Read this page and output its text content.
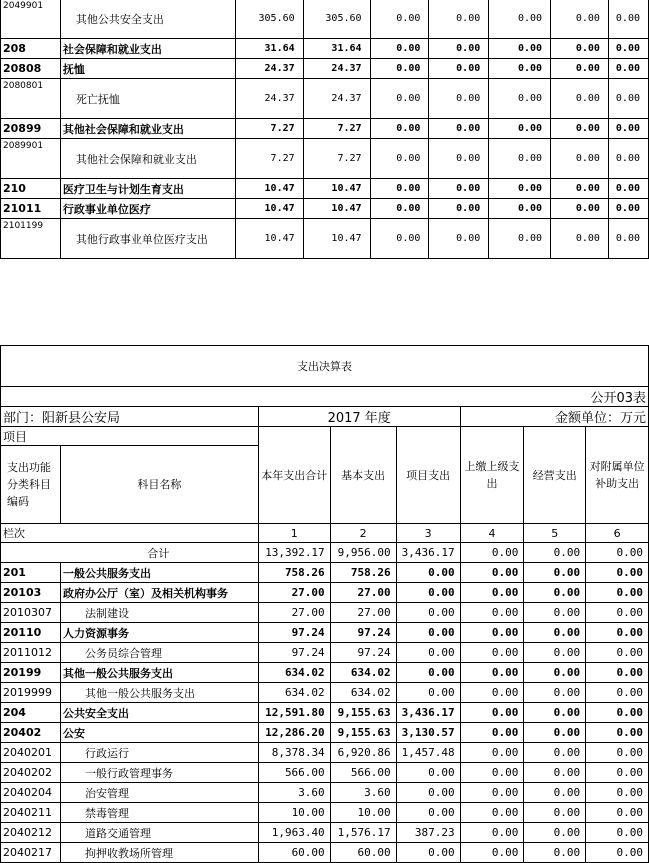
2049901	其他公共安全支出	305.60	305.60	0.00	0.00	0.00	0.00	0.00
208	社会保障和就业支出	31.64	31.64	0.00	0.00	0.00	0.00	0.00
20808	抚恤	24.37	24.37	0.00	0.00	0.00	0.00	0.00
2080801	死亡抚恤	24.37	24.37	0.00	0.00	0.00	0.00	0.00
20899	其他社会保障和就业支出	7.27	7.27	0.00	0.00	0.00	0.00	0.00
2089901	其他社会保障和就业支出	7.27	7.27	0.00	0.00	0.00	0.00	0.00
210	医疗卫生与计划生育支出	10.47	10.47	0.00	0.00	0.00	0.00	0.00
21011	行政事业单位医疗	10.47	10.47	0.00	0.00	0.00	0.00	0.00
2101199	其他行政事业单位医疗支出	10.47	10.47	0.00	0.00	0.00	0.00	0.00
支出决算表							
					公开03表		
部门：阳新县公安局		2017 年度			金额单位：万元		
项目		本年支出合计	基本支出	项目支出	上缴上级支出	经营支出	对附属单位补助支出
支出功能分类科目编码	科目名称						
栏次		1	2	3	4	5	6
合计		13,392.17	9,956.00	3,436.17	0.00	0.00	0.00
201	一般公共服务支出	758.26	758.26	0.00	0.00	0.00	0.00
20103	政府办公厅（室）及相关机构事务	27.00	27.00	0.00	0.00	0.00	0.00
2010307	法制建设	27.00	27.00	0.00	0.00	0.00	0.00
20110	人力资源事务	97.24	97.24	0.00	0.00	0.00	0.00
2011012	公务员综合管理	97.24	97.24	0.00	0.00	0.00	0.00
20199	其他一般公共服务支出	634.02	634.02	0.00	0.00	0.00	0.00
2019999	其他一般公共服务支出	634.02	634.02	0.00	0.00	0.00	0.00
204	公共安全支出	12,591.80	9,155.63	3,436.17	0.00	0.00	0.00
20402	公安	12,286.20	9,155.63	3,130.57	0.00	0.00	0.00
2040201	行政运行	8,378.34	6,920.86	1,457.48	0.00	0.00	0.00
2040202	一般行政管理事务	566.00	566.00	0.00	0.00	0.00	0.00
2040204	治安管理	3.60	3.60	0.00	0.00	0.00	0.00
2040211	禁毒管理	10.00	10.00	0.00	0.00	0.00	0.00
2040212	道路交通管理	1,963.40	1,576.17	387.23	0.00	0.00	0.00
2040217	拘押收教场所管理	60.00	60.00	0.00	0.00	0.00	0.00
